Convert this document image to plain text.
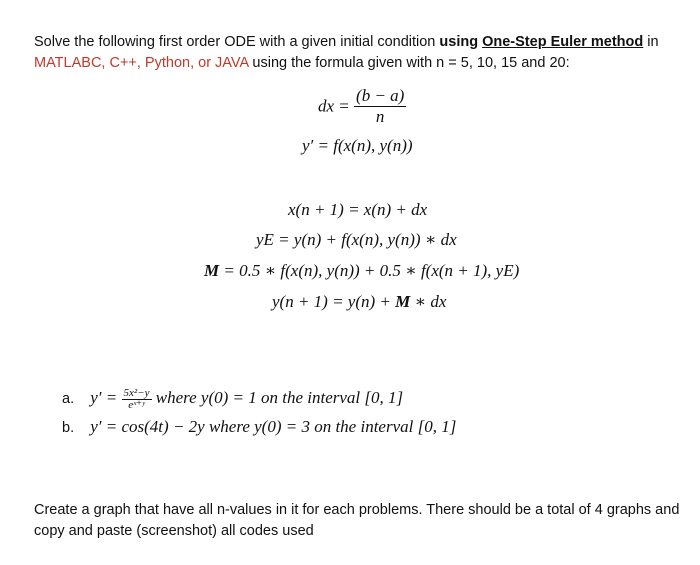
Solve the following first order ODE with a given initial condition using One-Step Euler method in
MATLABC, C++, Python, or JAVA using the formula given with n = 5, 10, 15 and 20:
dx = $\frac{(b - a)}{n}$
y′ = f(x(n), y(n))
x(n + 1) = x(n) + dx
yE = y(n) + f(x(n), y(n)) ∗ dx
M = 0.5 ∗ f(x(n), y(n)) + 0.5 ∗ f(x(n + 1), yE)
y(n + 1) = y(n) + M ∗ dx
a. $y' = \frac{\text{5x²−y}}{\text{eˣ⁺ʸ}}$ where y(0) = 1 on the interval [0, 1]
b. y′ = cos(4t) − 2y where y(0) = 3 on the interval [0, 1]
Create a graph that have all n-values in it for each problems. There should be a total of 4 graphs and
copy and paste (screenshot) all codes used
